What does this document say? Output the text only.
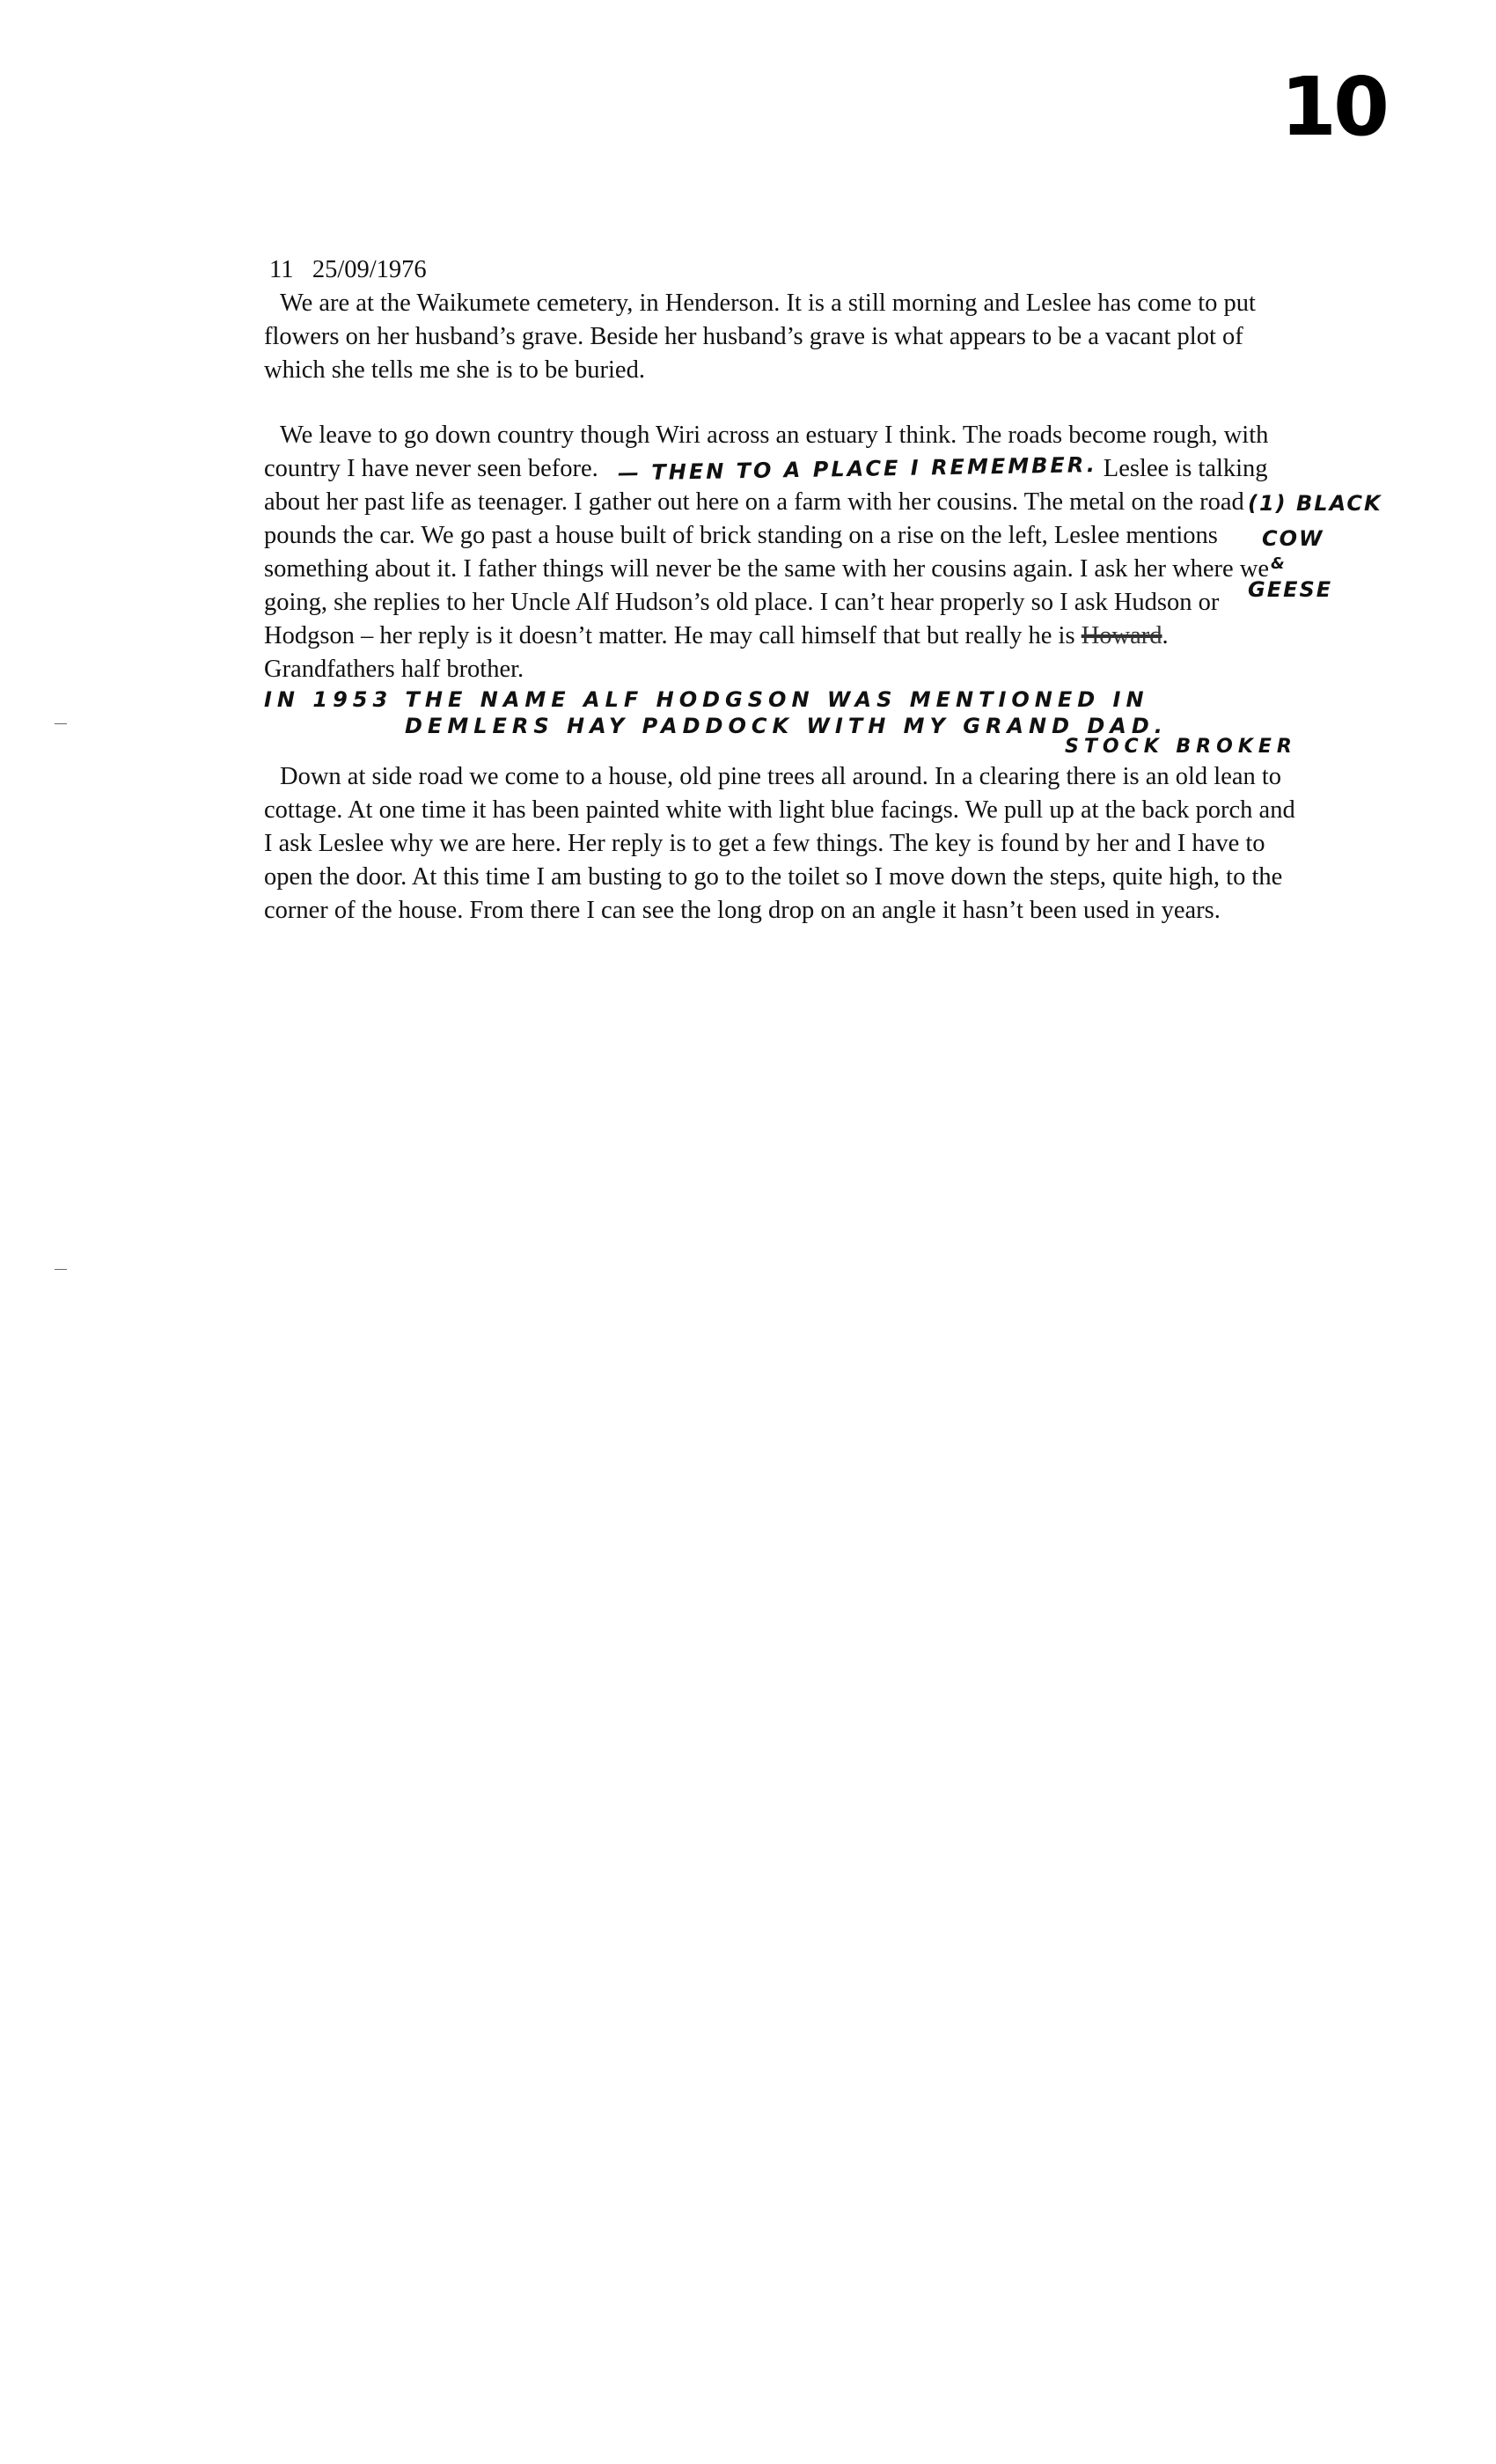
10

11 25/09/1976

We are at the Waikumete cemetery, in Henderson. It is a still morning and Leslee has come to put flowers on her husband’s grave. Beside her husband’s grave is what appears to be a vacant plot of which she tells me she is to be buried.

We leave to go down country though Wiri across an estuary I think. The roads become rough, with country I have never seen before. — THEN TO A PLACE I REMEMBER. Leslee is talking about her past life as teenager. I gather out here on a farm with her cousins. The metal on the road pounds the car. We go past a house built of brick standing on a rise on the left, Leslee mentions something about it. I father things will never be the same with her cousins again. I ask her where we going, she replies to her Uncle Alf Hudson’s old place. I can’t hear properly so I ask Hudson or Hodgson – her reply is it doesn’t matter. He may call himself that but really he is Howard. Grandfathers half brother.

IN 1953 THE NAME ALF HODGSON WAS MENTIONED IN

DEMLERS HAY PADDOCK WITH MY GRAND DAD.

STOCK BROKER

Down at side road we come to a house, old pine trees all around. In a clearing there is an old lean to cottage. At one time it has been painted white with light blue facings. We pull up at the back porch and I ask Leslee why we are here. Her reply is to get a few things. The key is found by her and I have to open the door. At this time I am busting to go to the toilet so I move down the steps, quite high, to the corner of the house. From there I can see the long drop on an angle it hasn’t been used in years.

(1) BLACK
COW
&
GEESE
